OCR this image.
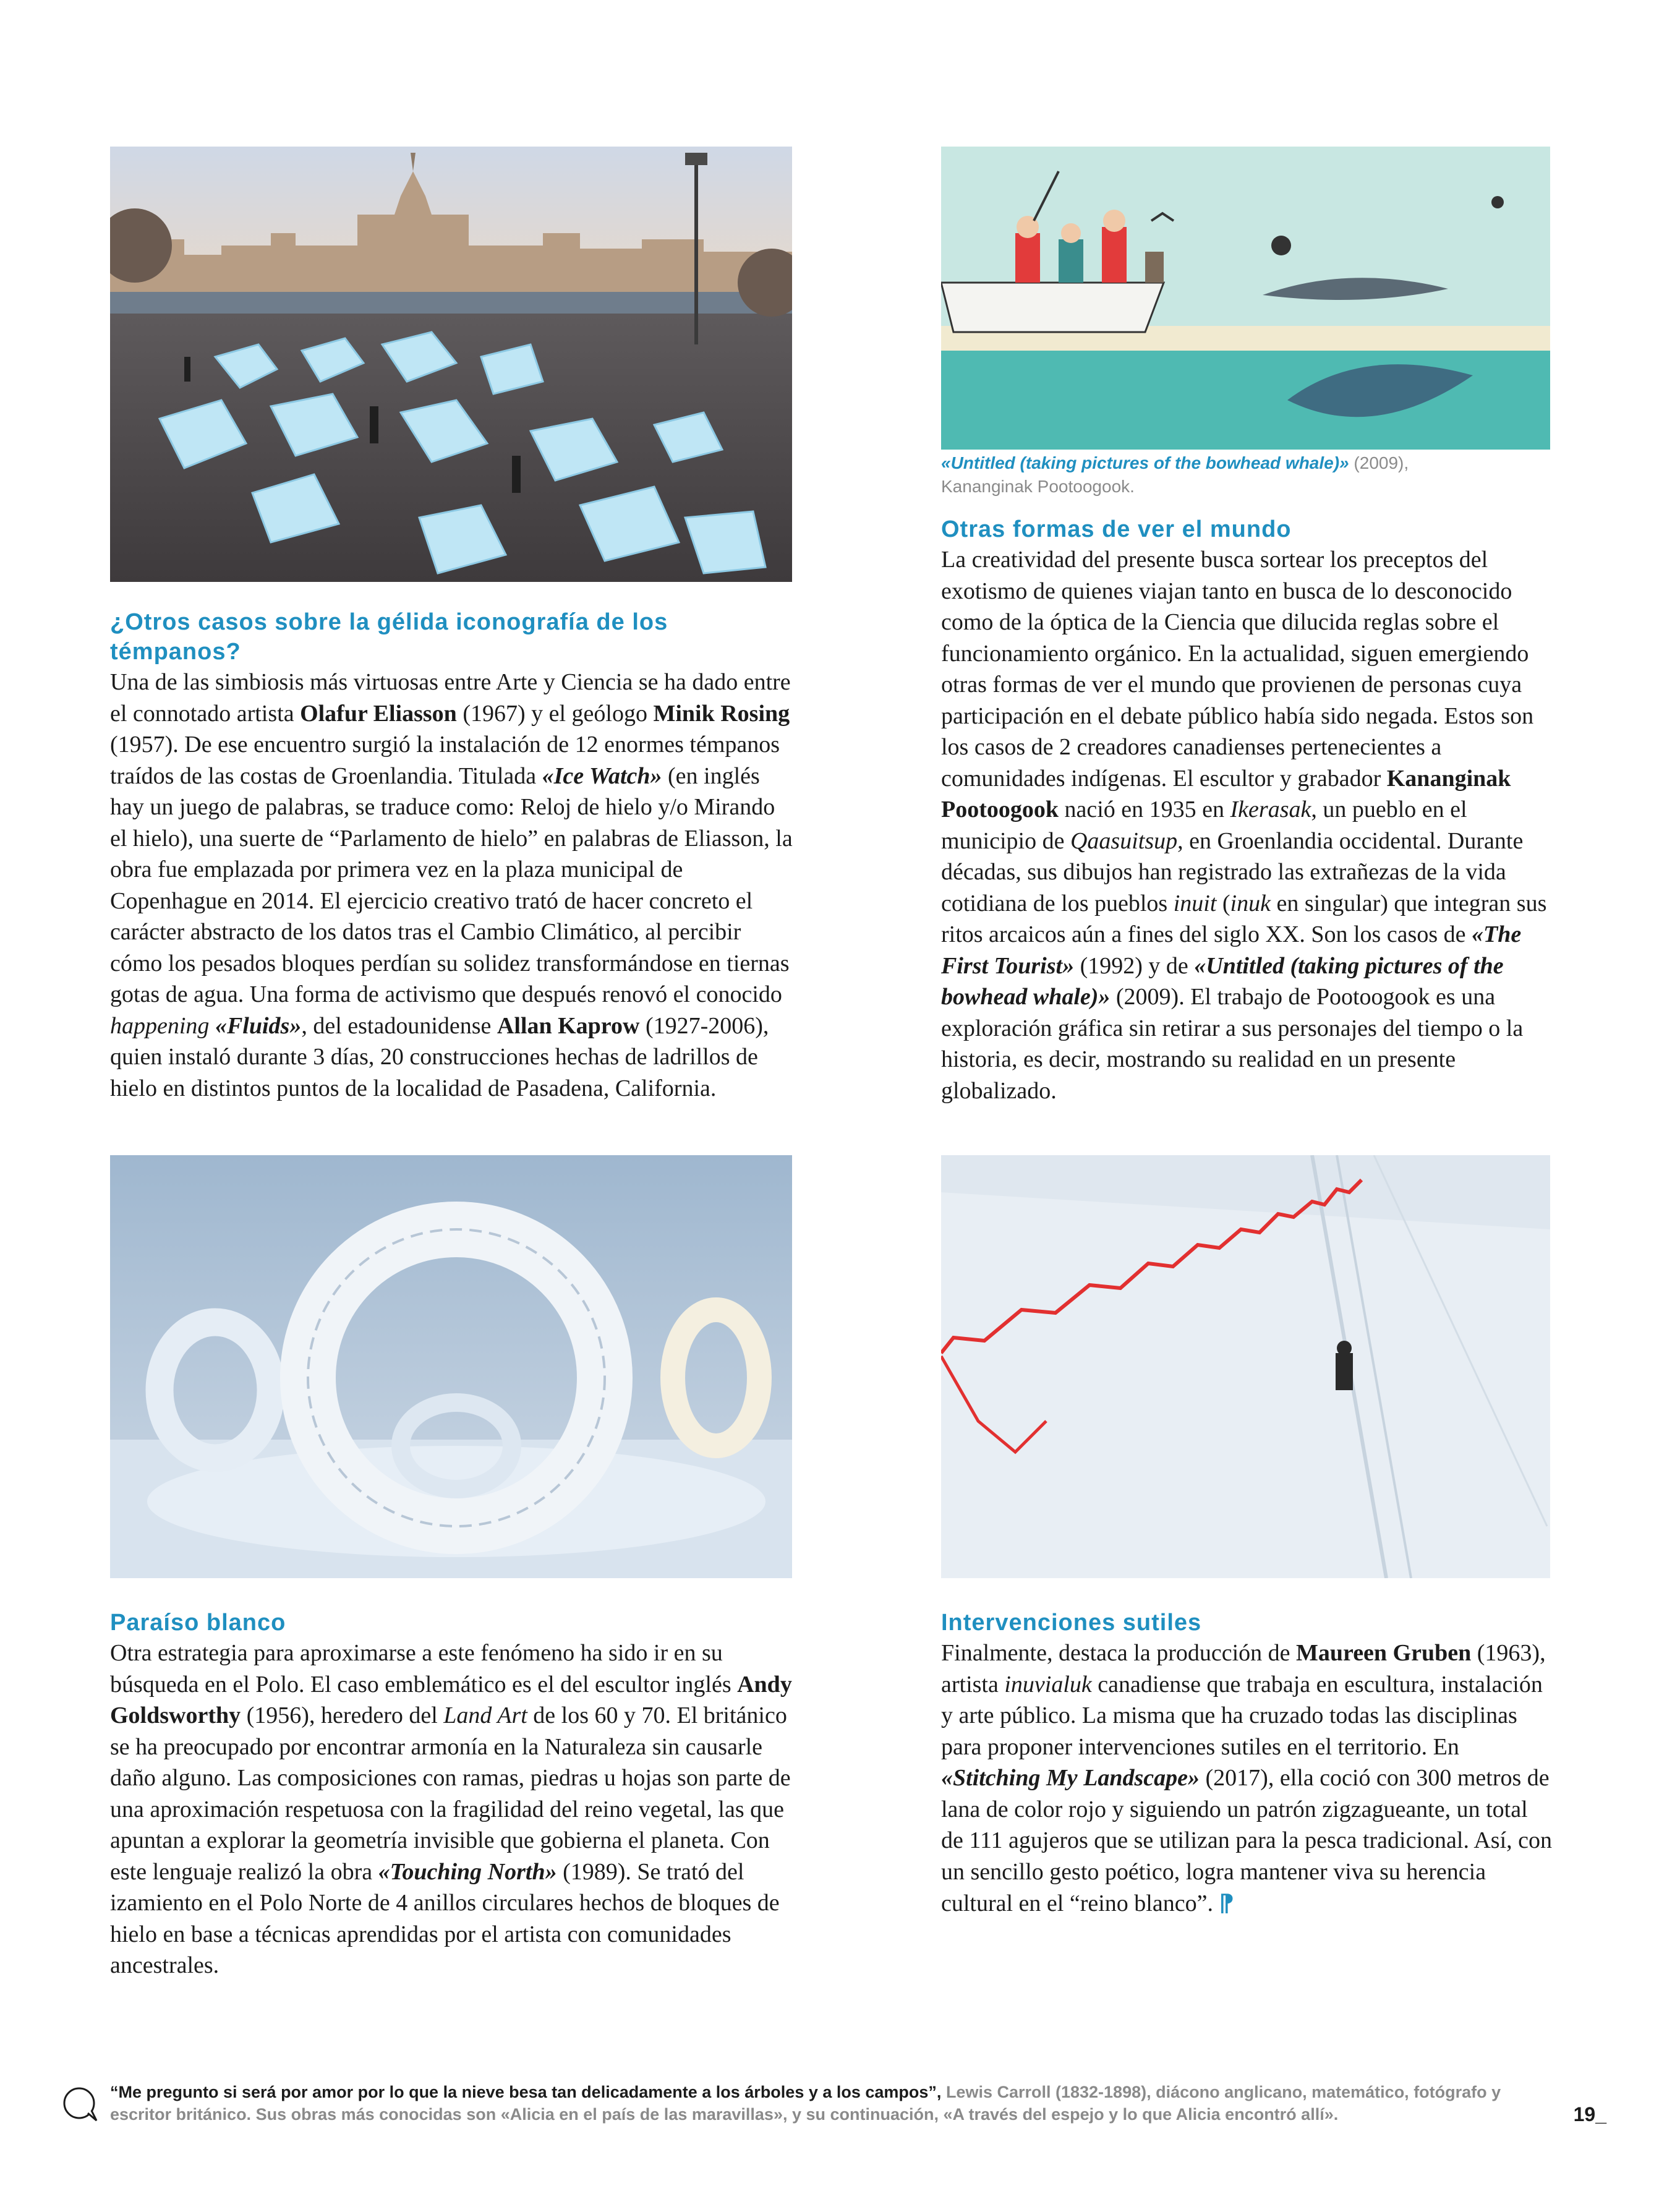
«Untitled (taking pictures of the bowhead whale)» (2009),
Kananginak Pootoogook.
Otras formas de ver el mundo

La creatividad del presente busca sortear los preceptos del exotismo de quienes viajan tanto en busca de lo desconocido como de la óptica de la Ciencia que dilucida reglas sobre el funcionamiento orgánico. En la actualidad, siguen emergiendo otras formas de ver el mundo que provienen de personas cuya participación en el debate público había sido negada. Estos son los casos de 2 creadores canadienses pertenecientes a comunidades indígenas. El escultor y grabador Kananginak Pootoogook nació en 1935 en Ikerasak, un pueblo en el municipio de Qaasuitsup, en Groenlandia occidental. Durante décadas, sus dibujos han registrado las extrañezas de la vida cotidiana de los pueblos inuit (inuk en singular) que integran sus ritos arcaicos aún a fines del siglo XX. Son los casos de «The First Tourist» (1992) y de «Untitled (taking pictures of the bowhead whale)» (2009). El trabajo de Pootoogook es una exploración gráfica sin retirar a sus personajes del tiempo o la historia, es decir, mostrando su realidad en un presente globalizado.

¿Otros casos sobre la gélida iconografía de los témpanos?

Una de las simbiosis más virtuosas entre Arte y Ciencia se ha dado entre el connotado artista Olafur Eliasson (1967) y el geólogo Minik Rosing (1957). De ese encuentro surgió la instalación de 12 enormes témpanos traídos de las costas de Groenlandia. Titulada «Ice Watch» (en inglés hay un juego de palabras, se traduce como: Reloj de hielo y/o Mirando el hielo), una suerte de “Parlamento de hielo” en palabras de Eliasson, la obra fue emplazada por primera vez en la plaza municipal de Copenhague en 2014. El ejercicio creativo trató de hacer concreto el carácter abstracto de los datos tras el Cambio Climático, al percibir cómo los pesados bloques perdían su solidez transformándose en tiernas gotas de agua. Una forma de activismo que después renovó el conocido happening «Fluids», del estadounidense Allan Kaprow (1927-2006), quien instaló durante 3 días, 20 construcciones hechas de ladrillos de hielo en distintos puntos de la localidad de Pasadena, California.

Paraíso blanco

Otra estrategia para aproximarse a este fenómeno ha sido ir en su búsqueda en el Polo. El caso emblemático es el del escultor inglés Andy Goldsworthy (1956), heredero del Land Art de los 60 y 70. El británico se ha preocupado por encontrar armonía en la Naturaleza sin causarle daño alguno. Las composiciones con ramas, piedras u hojas son parte de una aproximación respetuosa con la fragilidad del reino vegetal, las que apuntan a explorar la geometría invisible que gobierna el planeta. Con este lenguaje realizó la obra «Touching North» (1989). Se trató del izamiento en el Polo Norte de 4 anillos circulares hechos de bloques de hielo en base a técnicas aprendidas por el artista con comunidades ancestrales.

Intervenciones sutiles

Finalmente, destaca la producción de Maureen Gruben (1963), artista inuvialuk canadiense que trabaja en escultura, instalación y arte público. La misma que ha cruzado todas las disciplinas para proponer intervenciones sutiles en el territorio. En «Stitching My Landscape» (2017), ella coció con 300 metros de lana de color rojo y siguiendo un patrón zigzagueante, un total de 111 agujeros que se utilizan para la pesca tradicional. Así, con un sencillo gesto poético, logra mantener viva su herencia cultural en el “reino blanco”. ⁋

“Me pregunto si será por amor por lo que la nieve besa tan delicadamente a los árboles y a los campos”, Lewis Carroll (1832-1898), diácono anglicano, matemático, fotógrafo y escritor británico. Sus obras más conocidas son «Alicia en el país de las maravillas», y su continuación, «A través del espejo y lo que Alicia encontró allí».	19_
